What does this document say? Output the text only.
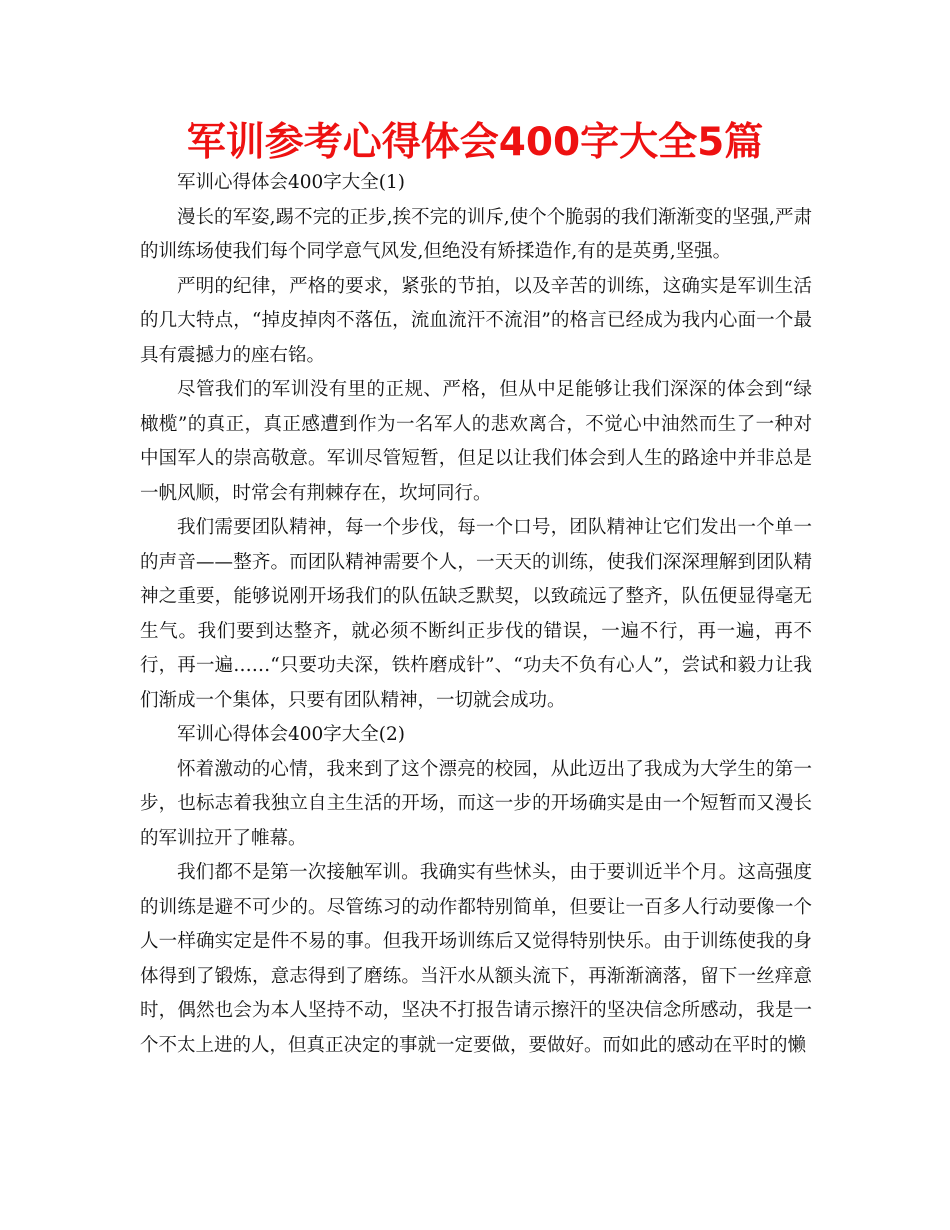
军训参考心得体会400字大全5篇

军训心得体会400字大全(1)

漫长的军姿,踢不完的正步,挨不完的训斥,使个个脆弱的我们渐渐变的坚强,严肃的训练场使我们每个同学意气风发,但绝没有矫揉造作,有的是英勇,坚强。

严明的纪律，严格的要求，紧张的节拍，以及辛苦的训练，这确实是军训生活的几大特点，“掉皮掉肉不落伍，流血流汗不流泪”的格言已经成为我内心面一个最具有震撼力的座右铭。

尽管我们的军训没有里的正规、严格，但从中足能够让我们深深的体会到“绿橄榄”的真正，真正感遭到作为一名军人的悲欢离合，不觉心中油然而生了一种对中国军人的崇高敬意。军训尽管短暂，但足以让我们体会到人生的路途中并非总是一帆风顺，时常会有荆棘存在，坎坷同行。

我们需要团队精神，每一个步伐，每一个口号，团队精神让它们发出一个单一的声音——整齐。而团队精神需要个人，一天天的训练，使我们深深理解到团队精神之重要，能够说刚开场我们的队伍缺乏默契，以致疏远了整齐，队伍便显得毫无生气。我们要到达整齐，就必须不断纠正步伐的错误，一遍不行，再一遍，再不行，再一遍……“只要功夫深，铁杵磨成针”、“功夫不负有心人”，尝试和毅力让我们渐成一个集体，只要有团队精神，一切就会成功。

军训心得体会400字大全(2)

怀着激动的心情，我来到了这个漂亮的校园，从此迈出了我成为大学生的第一步，也标志着我独立自主生活的开场，而这一步的开场确实是由一个短暂而又漫长的军训拉开了帷幕。

我们都不是第一次接触军训。我确实有些怵头，由于要训近半个月。这高强度的训练是避不可少的。尽管练习的动作都特别简单，但要让一百多人行动要像一个人一样确实定是件不易的事。但我开场训练后又觉得特别快乐。由于训练使我的身体得到了锻炼，意志得到了磨练。当汗水从额头流下，再渐渐滴落，留下一丝痒意时，偶然也会为本人坚持不动，坚决不打报告请示擦汗的坚决信念所感动，我是一个不太上进的人，但真正决定的事就一定要做，要做好。而如此的感动在平时的懒
